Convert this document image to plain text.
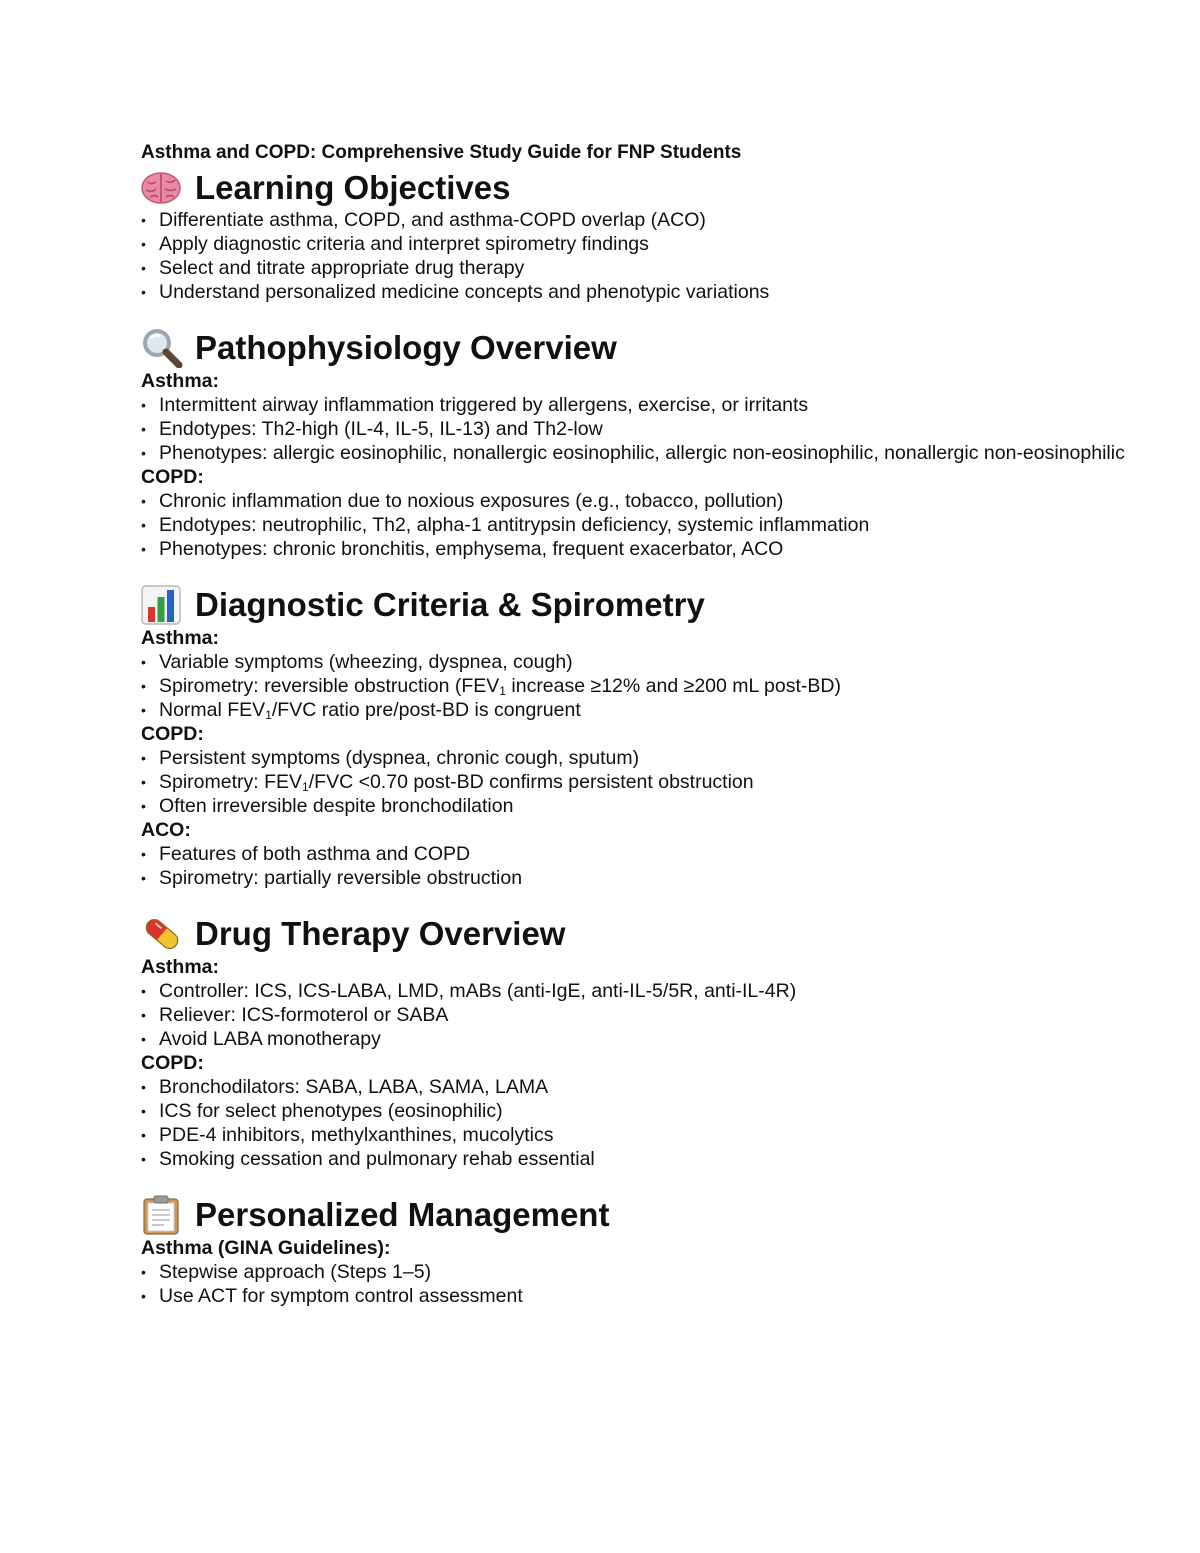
Asthma and COPD: Comprehensive Study Guide for FNP Students
Learning Objectives
• Differentiate asthma, COPD, and asthma-COPD overlap (ACO)
• Apply diagnostic criteria and interpret spirometry findings
• Select and titrate appropriate drug therapy
• Understand personalized medicine concepts and phenotypic variations
Pathophysiology Overview
Asthma:
• Intermittent airway inflammation triggered by allergens, exercise, or irritants
• Endotypes: Th2-high (IL-4, IL-5, IL-13) and Th2-low
• Phenotypes: allergic eosinophilic, nonallergic eosinophilic, allergic non-eosinophilic, nonallergic non-eosinophilic
COPD:
• Chronic inflammation due to noxious exposures (e.g., tobacco, pollution)
• Endotypes: neutrophilic, Th2, alpha-1 antitrypsin deficiency, systemic inflammation
• Phenotypes: chronic bronchitis, emphysema, frequent exacerbator, ACO
Diagnostic Criteria & Spirometry
Asthma:
• Variable symptoms (wheezing, dyspnea, cough)
• Spirometry: reversible obstruction ($FEV_1$ increase ≥12% and ≥200 mL post-BD)
• Normal $FEV_1$/FVC ratio pre/post-BD is congruent
COPD:
• Persistent symptoms (dyspnea, chronic cough, sputum)
• Spirometry: $FEV_1$/FVC <0.70 post-BD confirms persistent obstruction
• Often irreversible despite bronchodilation
ACO:
• Features of both asthma and COPD
• Spirometry: partially reversible obstruction
Drug Therapy Overview
Asthma:
• Controller: ICS, ICS-LABA, LMD, mABs (anti-IgE, anti-IL-5/5R, anti-IL-4R)
• Reliever: ICS-formoterol or SABA
• Avoid LABA monotherapy
COPD:
• Bronchodilators: SABA, LABA, SAMA, LAMA
• ICS for select phenotypes (eosinophilic)
• PDE-4 inhibitors, methylxanthines, mucolytics
• Smoking cessation and pulmonary rehab essential
Personalized Management
Asthma (GINA Guidelines):
• Stepwise approach (Steps 1–5)
• Use ACT for symptom control assessment
